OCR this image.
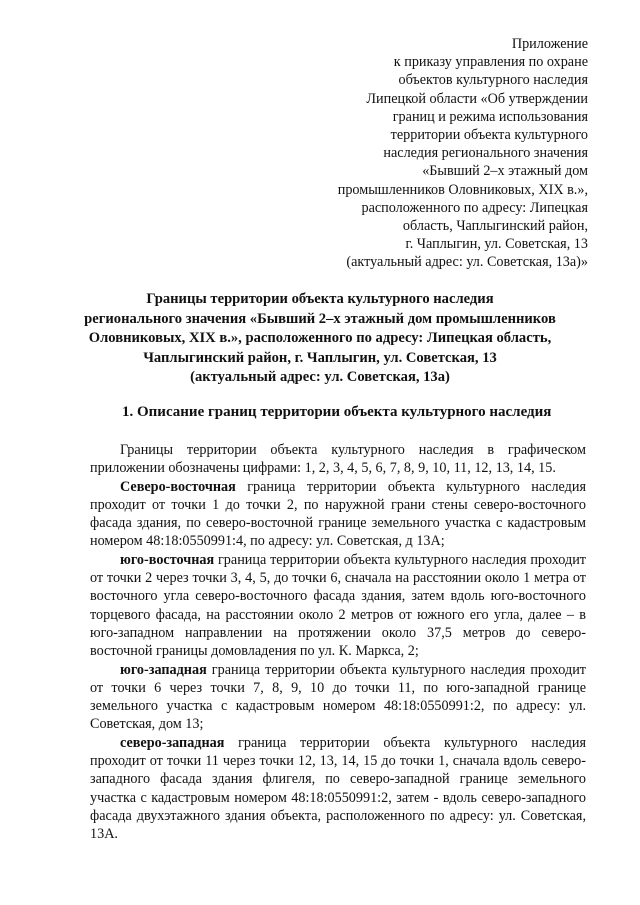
Приложение
к приказу управления по охране
объектов культурного наследия
Липецкой области «Об утверждении
границ и режима использования
территории объекта культурного
наследия регионального значения
«Бывший 2–х этажный дом
промышленников Оловниковых, XIX в.»,
расположенного по адресу: Липецкая
область, Чаплыгинский район,
г. Чаплыгин, ул. Советская, 13
(актуальный адрес: ул. Советская, 13а)»
Границы территории объекта культурного наследия
регионального значения «Бывший 2–х этажный дом промышленников
Оловниковых, XIX в.», расположенного по адресу: Липецкая область,
Чаплыгинский район, г. Чаплыгин, ул. Советская, 13
(актуальный адрес: ул. Советская, 13а)
1. Описание границ территории объекта культурного наследия

Границы территории объекта культурного наследия в графическом приложении обозначены цифрами: 1, 2, 3, 4, 5, 6, 7, 8, 9, 10, 11, 12, 13, 14, 15.

Северо-восточная граница территории объекта культурного наследия проходит от точки 1 до точки 2, по наружной грани стены северо-восточного фасада здания, по северо-восточной границе земельного участка с кадастровым номером 48:18:0550991:4, по адресу: ул. Советская, д 13А;

юго-восточная граница территории объекта культурного наследия проходит от точки 2 через точки 3, 4, 5, до точки 6, сначала на расстоянии около 1 метра от восточного угла северо-восточного фасада здания, затем вдоль юго-восточного торцевого фасада, на расстоянии около 2 метров от южного его угла, далее – в юго-западном направлении на протяжении около 37,5 метров до северо-восточной границы домовладения по ул. К. Маркса, 2;

юго-западная граница территории объекта культурного наследия проходит от точки 6 через точки 7, 8, 9, 10 до точки 11, по юго-западной границе земельного участка с кадастровым номером 48:18:0550991:2, по адресу: ул. Советская, дом 13;

северо-западная граница территории объекта культурного наследия проходит от точки 11 через точки 12, 13, 14, 15 до точки 1, сначала вдоль северо-западного фасада здания флигеля, по северо-западной границе земельного участка с кадастровым номером 48:18:0550991:2, затем - вдоль северо-западного фасада двухэтажного здания объекта, расположенного по адресу: ул. Советская, 13А.
